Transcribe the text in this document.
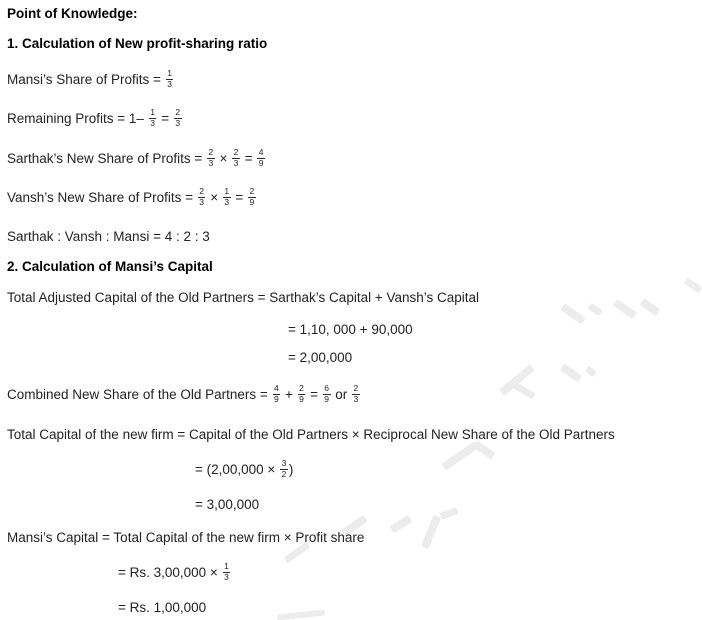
Point of Knowledge:
1. Calculation of New profit-sharing ratio
Mansi’s Share of Profits = $\frac{1}{3}$
Remaining Profits = $1- \frac{1}{3} = \frac{2}{3}$
Sarthak’s New Share of Profits = $\frac{2}{3} \times \frac{2}{3} = \frac{4}{9}$
Vansh’s New Share of Profits = $\frac{2}{3} \times \frac{1}{3} = \frac{2}{9}$
Sarthak : Vansh : Mansi = 4 : 2 : 3
2. Calculation of Mansi’s Capital
Total Adjusted Capital of the Old Partners = Sarthak’s Capital + Vansh’s Capital
= 1,10, 000 + 90,000
= 2,00,000
Combined New Share of the Old Partners = $\frac{4}{9} + \frac{2}{9} = \frac{6}{9}$ or $\frac{2}{3}$
Total Capital of the new firm = Capital of the Old Partners × Reciprocal New Share of the Old Partners
= ($2,00,000 \times \frac{3}{2}$ )
= 3,00,000
Mansi’s Capital = Total Capital of the new firm × Profit share
= Rs. $3,00,000 \times \frac{1}{3}$
= Rs. 1,00,000
